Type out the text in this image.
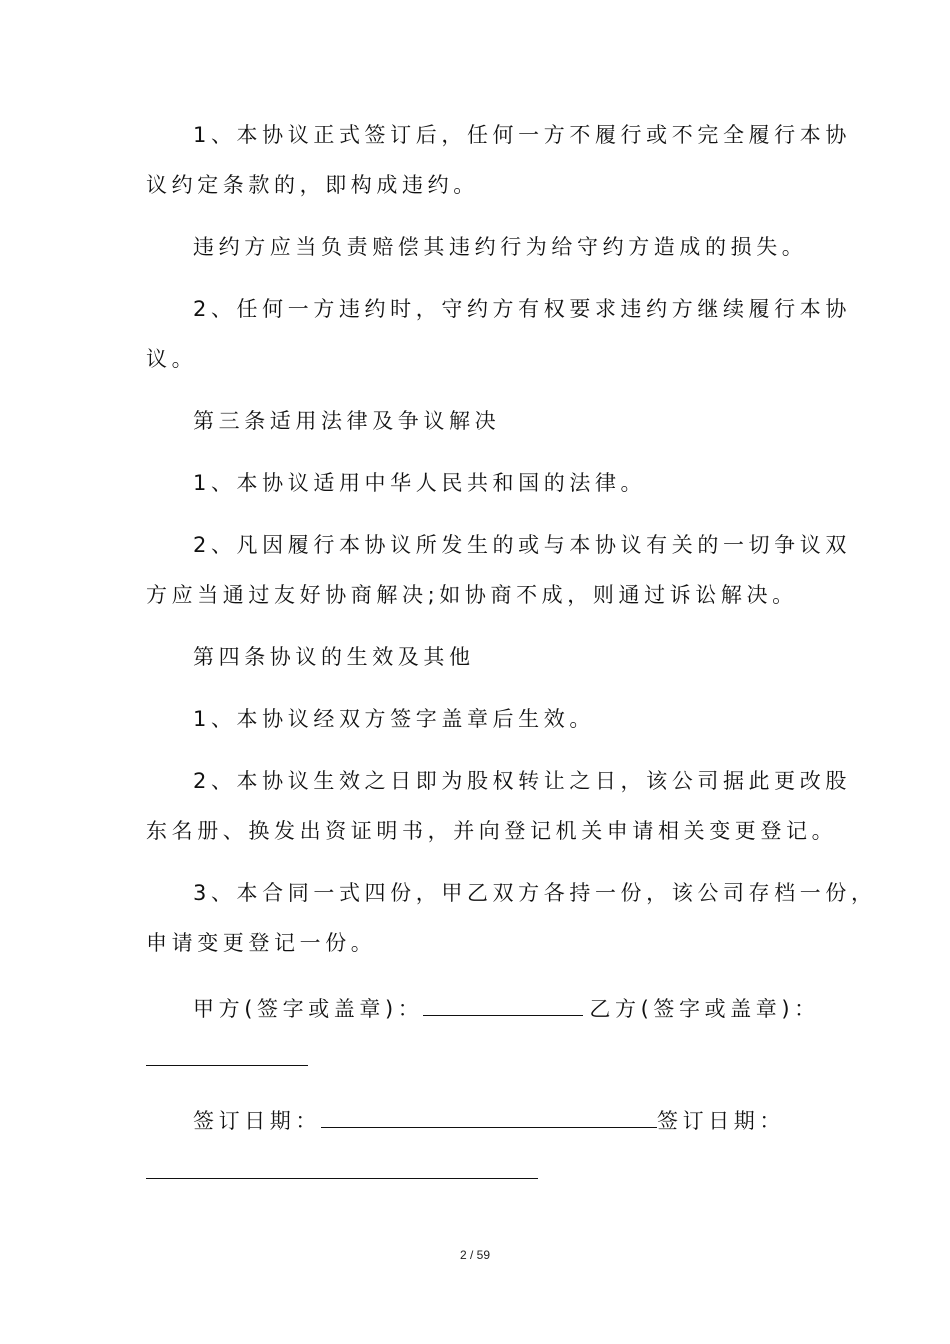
1、本协议正式签订后，任何一方不履行或不完全履行本协
议约定条款的，即构成违约。
违约方应当负责赔偿其违约行为给守约方造成的损失。
2、任何一方违约时，守约方有权要求违约方继续履行本协
议。
第三条适用法律及争议解决
1、本协议适用中华人民共和国的法律。
2、凡因履行本协议所发生的或与本协议有关的一切争议双
方应当通过友好协商解决;如协商不成，则通过诉讼解决。
第四条协议的生效及其他
1、本协议经双方签字盖章后生效。
2、本协议生效之日即为股权转让之日，该公司据此更改股
东名册、换发出资证明书，并向登记机关申请相关变更登记。
3、本合同一式四份，甲乙双方各持一份，该公司存档一份，
申请变更登记一份。
甲方(签字或盖章)：	乙方(签字或盖章)：
签订日期：	签订日期：
2 / 59
